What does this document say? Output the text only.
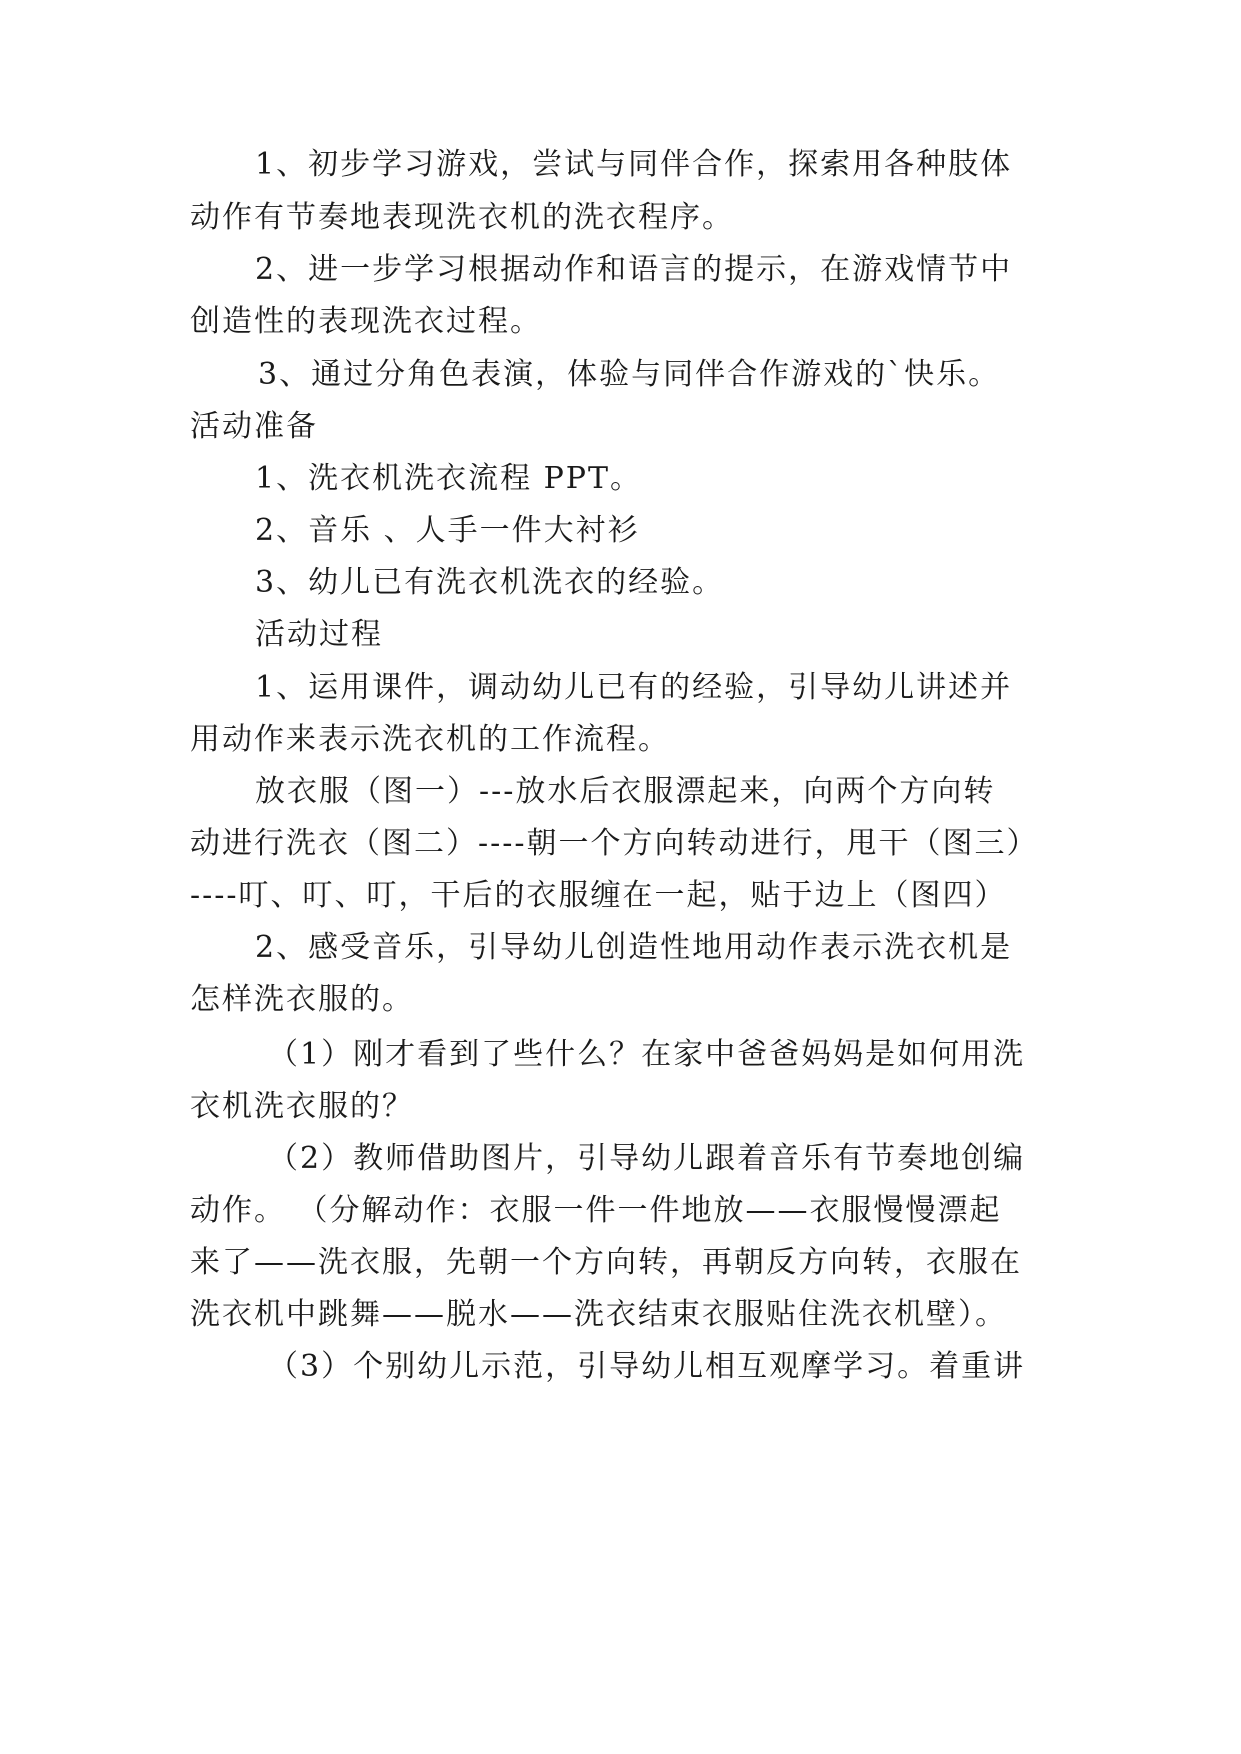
1、初步学习游戏，尝试与同伴合作，探索用各种肢体
动作有节奏地表现洗衣机的洗衣程序。
2、进一步学习根据动作和语言的提示，在游戏情节中
创造性的表现洗衣过程。
3、通过分角色表演，体验与同伴合作游戏的`快乐。
活动准备
1、洗衣机洗衣流程 PPT。
2、音乐 、人手一件大衬衫
3、幼儿已有洗衣机洗衣的经验。
活动过程
1、运用课件，调动幼儿已有的经验，引导幼儿讲述并
用动作来表示洗衣机的工作流程。
放衣服（图一）---放水后衣服漂起来，向两个方向转
动进行洗衣（图二）----朝一个方向转动进行，甩干（图三）
----叮、叮、叮，干后的衣服缠在一起，贴于边上（图四）
2、感受音乐，引导幼儿创造性地用动作表示洗衣机是
怎样洗衣服的。
（1）刚才看到了些什么？在家中爸爸妈妈是如何用洗
衣机洗衣服的？
（2）教师借助图片，引导幼儿跟着音乐有节奏地创编
动作。 （分解动作：衣服一件一件地放——衣服慢慢漂起
来了——洗衣服，先朝一个方向转，再朝反方向转，衣服在
洗衣机中跳舞——脱水——洗衣结束衣服贴住洗衣机壁）。
（3）个别幼儿示范，引导幼儿相互观摩学习。着重讲
